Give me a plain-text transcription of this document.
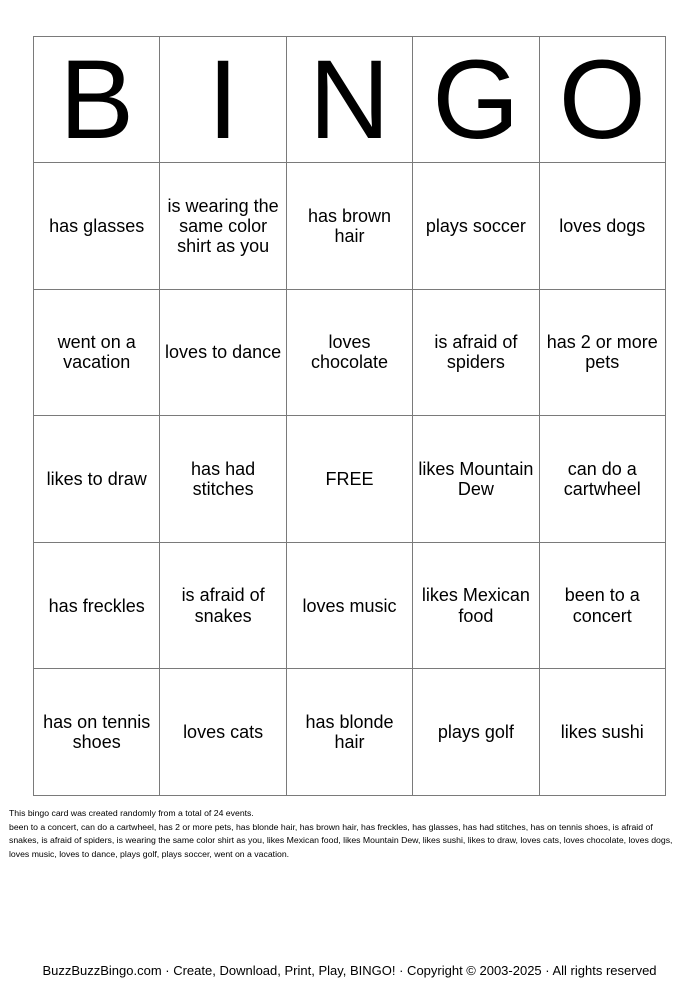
B	I	N	G	O
has glasses	is wearing the same color shirt as you	has brown hair	plays soccer	loves dogs
went on a vacation	loves to dance	loves chocolate	is afraid of spiders	has 2 or more pets
likes to draw	has had stitches	FREE	likes Mountain Dew	can do a cartwheel
has freckles	is afraid of snakes	loves music	likes Mexican food	been to a concert
has on tennis shoes	loves cats	has blonde hair	plays golf	likes sushi

This bingo card was created randomly from a total of 24 events.

been to a concert, can do a cartwheel, has 2 or more pets, has blonde hair, has brown hair, has freckles, has glasses, has had stitches, has on tennis shoes, is afraid of snakes, is afraid of spiders, is wearing the same color shirt as you, likes Mexican food, likes Mountain Dew, likes sushi, likes to draw, loves cats, loves chocolate, loves dogs, loves music, loves to dance, plays golf, plays soccer, went on a vacation.

BuzzBuzzBingo.com · Create, Download, Print, Play, BINGO! · Copyright © 2003-2025 · All rights reserved
